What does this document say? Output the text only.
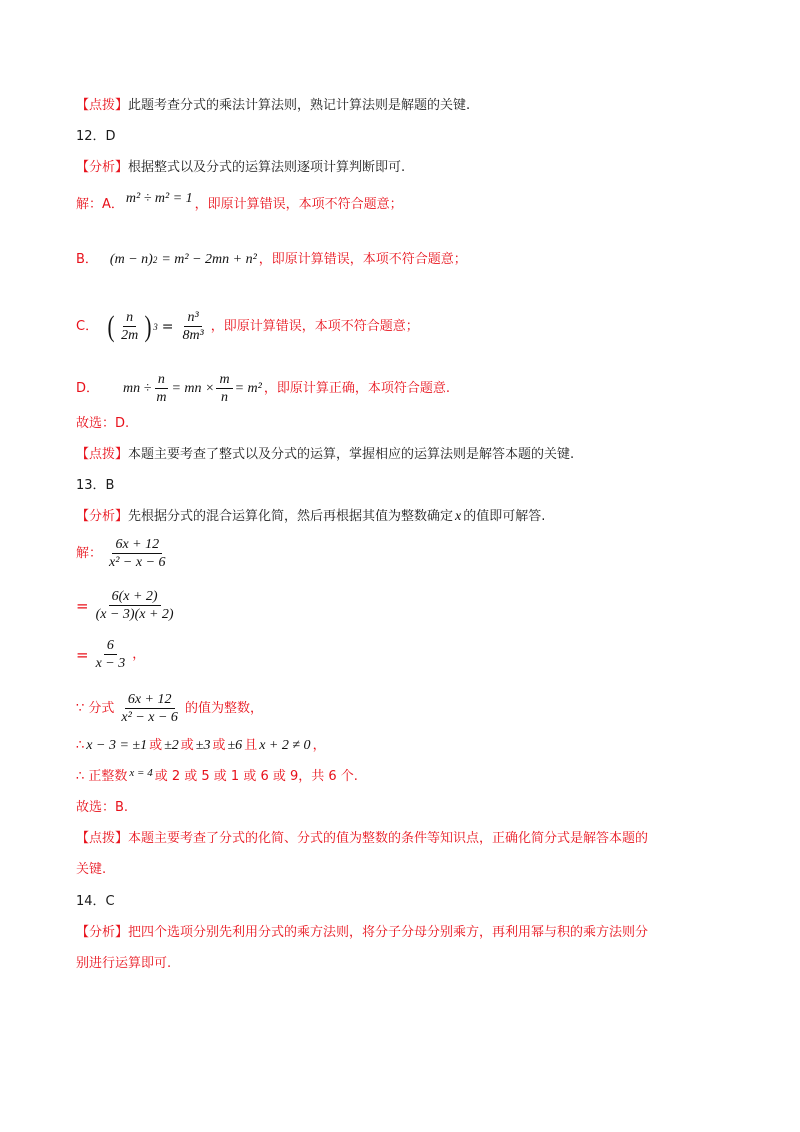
【点拨】 此题考查分式的乘法计算法则，熟记计算法则是解题的关键.
12．D
【分析】 根据整式以及分式的运算法则逐项计算判断即可.
解：A． m² ÷ m² = 1 ，即原计算错误，本项不符合题意；
B． (m − n) 2 = m² − 2mn + n² ，即原计算错误，本项不符合题意；
C． ( $\frac{n}{2m}$ ) $3 = \frac{\text{n³}}{\text{8m³}}$ ，即原计算错误，本项不符合题意；
D． mn ÷ $\frac{n}{m}$ = mn × $\frac{m}{n} = m^2$ ，即原计算正确，本项符合题意.
故选：D.
【点拨】 本题主要考查了整式以及分式的运算，掌握相应的运算法则是解答本题的关键.
13．B
【分析】 先根据分式的混合运算化简，然后再根据其值为整数确定 x 的值即可解答.
解： $\frac{6x + 12}{\text{x² − x − 6}}$
= $\frac{6(x + 2)}{(x - 3)(x + 2)}$
= $\frac{6}{x - 3}$ ，
∵ 分式 $\frac{6x + 12}{\text{x² − x − 6}}$ 的值为整数，
∴ x − 3 = ±1 或 ±2 或 ±3 或 ±6 且 x + 2 ≠ 0 ，
∴ 正整数 x = 4 或 2 或 5 或 1 或 6 或 9，共 6 个.
故选：B.
【点拨】 本题主要考查了分式的化简、分式的值为整数的条件等知识点，正确化简分式是解答本题的
关键.
14．C
【分析】 把四个选项分别先利用分式的乘方法则，将分子分母分别乘方，再利用幂与积的乘方法则分
别进行运算即可.
